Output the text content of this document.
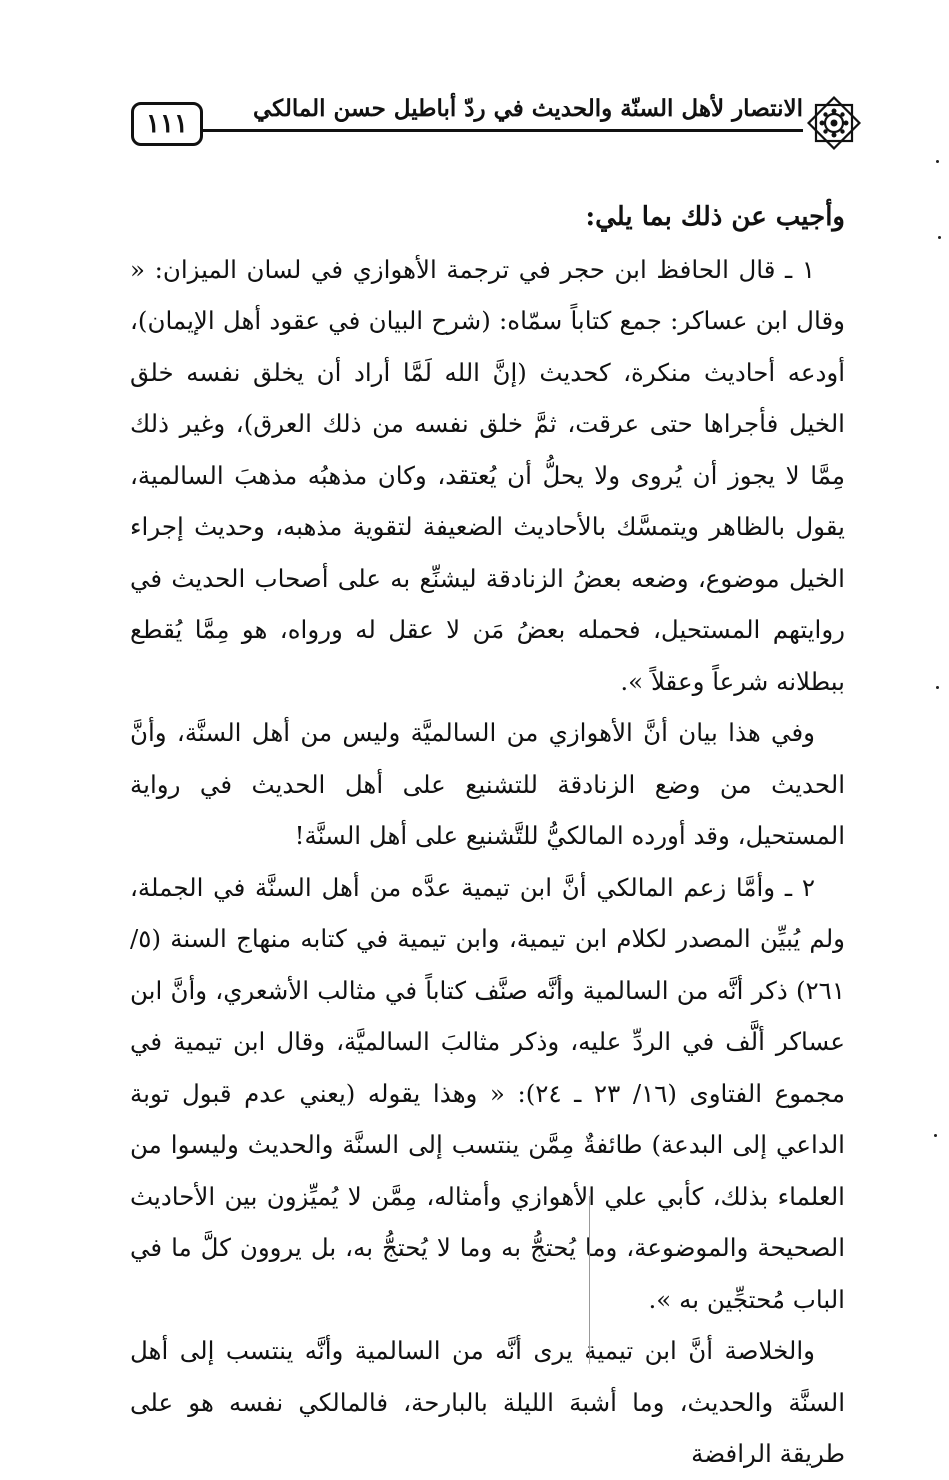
١١١
الانتصار لأهل السنّة والحديث في ردّ أباطيل حسن المالكي

وأجيب عن ذلك بما يلي:

١ ـ قال الحافظ ابن حجر في ترجمة الأهوازي في لسان الميزان: « وقال ابن عساكر: جمع كتاباً سمّاه: (شرح البيان في عقود أهل الإيمان)، أودعه أحاديث منكرة، كحديث (إنَّ الله لَمَّا أراد أن يخلق نفسه خلق الخيل فأجراها حتى عرقت، ثمَّ خلق نفسه من ذلك العرق)، وغير ذلك مِمَّا لا يجوز أن يُروى ولا يحلُّ أن يُعتقد، وكان مذهبُه مذهبَ السالمية، يقول بالظاهر ويتمسَّك بالأحاديث الضعيفة لتقوية مذهبه، وحديث إجراء الخيل موضوع، وضعه بعضُ الزنادقة ليشنِّع به على أصحاب الحديث في روايتهم المستحيل، فحمله بعضُ مَن لا عقل له ورواه، هو مِمَّا يُقطع ببطلانه شرعاً وعقلاً ».

وفي هذا بيان أنَّ الأهوازي من السالميَّة وليس من أهل السنَّة، وأنَّ الحديث من وضع الزنادقة للتشنيع على أهل الحديث في رواية المستحيل، وقد أورده المالكيُّ للتَّشنيع على أهل السنَّة!

٢ ـ وأمَّا زعم المالكي أنَّ ابن تيمية عدَّه من أهل السنَّة في الجملة، ولم يُبيِّن المصدر لكلام ابن تيمية، وابن تيمية في كتابه منهاج السنة (٥/ ٢٦١) ذكر أنَّه من السالمية وأنَّه صنَّف كتاباً في مثالب الأشعري، وأنَّ ابن عساكر ألَّف في الردِّ عليه، وذكر مثالبَ السالميَّة، وقال ابن تيمية في مجموع الفتاوى (١٦/ ٢٣ ـ ٢٤): « وهذا يقوله (يعني عدم قبول توبة الداعي إلى البدعة) طائفةٌ مِمَّن ينتسب إلى السنَّة والحديث وليسوا من العلماء بذلك، كأبي علي الأهوازي وأمثاله، مِمَّن لا يُميِّزون بين الأحاديث الصحيحة والموضوعة، وما يُحتجُّ به وما لا يُحتجُّ به، بل يروون كلَّ ما في الباب مُحتجِّين به ».

والخلاصة أنَّ ابن تيمية يرى أنَّه من السالمية وأنَّه ينتسب إلى أهل السنَّة والحديث، وما أشبهَ الليلة بالبارحة، فالمالكي نفسه هو على طريقة الرافضة
